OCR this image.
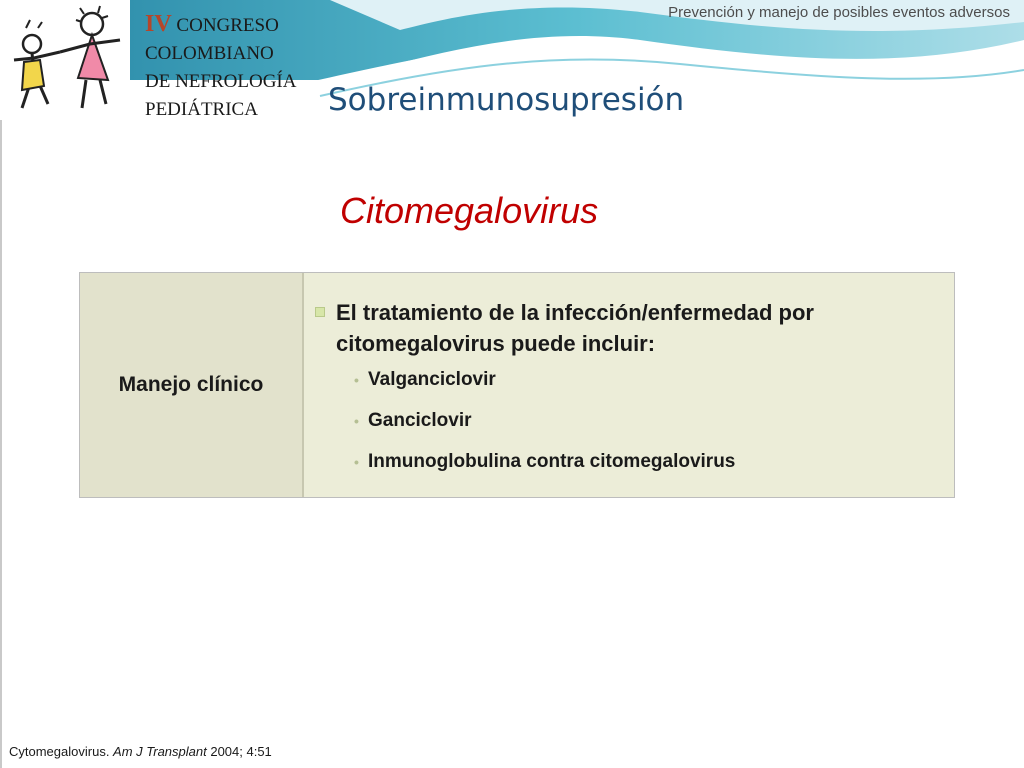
IV CONGRESO
COLOMBIANO
DE NEFROLOGÍA
PEDIÁTRICA
Prevención y manejo de posibles eventos adversos
Sobreinmunosupresión
Citomegalovirus
Manejo clínico
El tratamiento de la infección/enfermedad por citomegalovirus puede incluir:
• Valganciclovir
• Ganciclovir
• Inmunoglobulina contra citomegalovirus
Cytomegalovirus. Am J Transplant 2004; 4:51
